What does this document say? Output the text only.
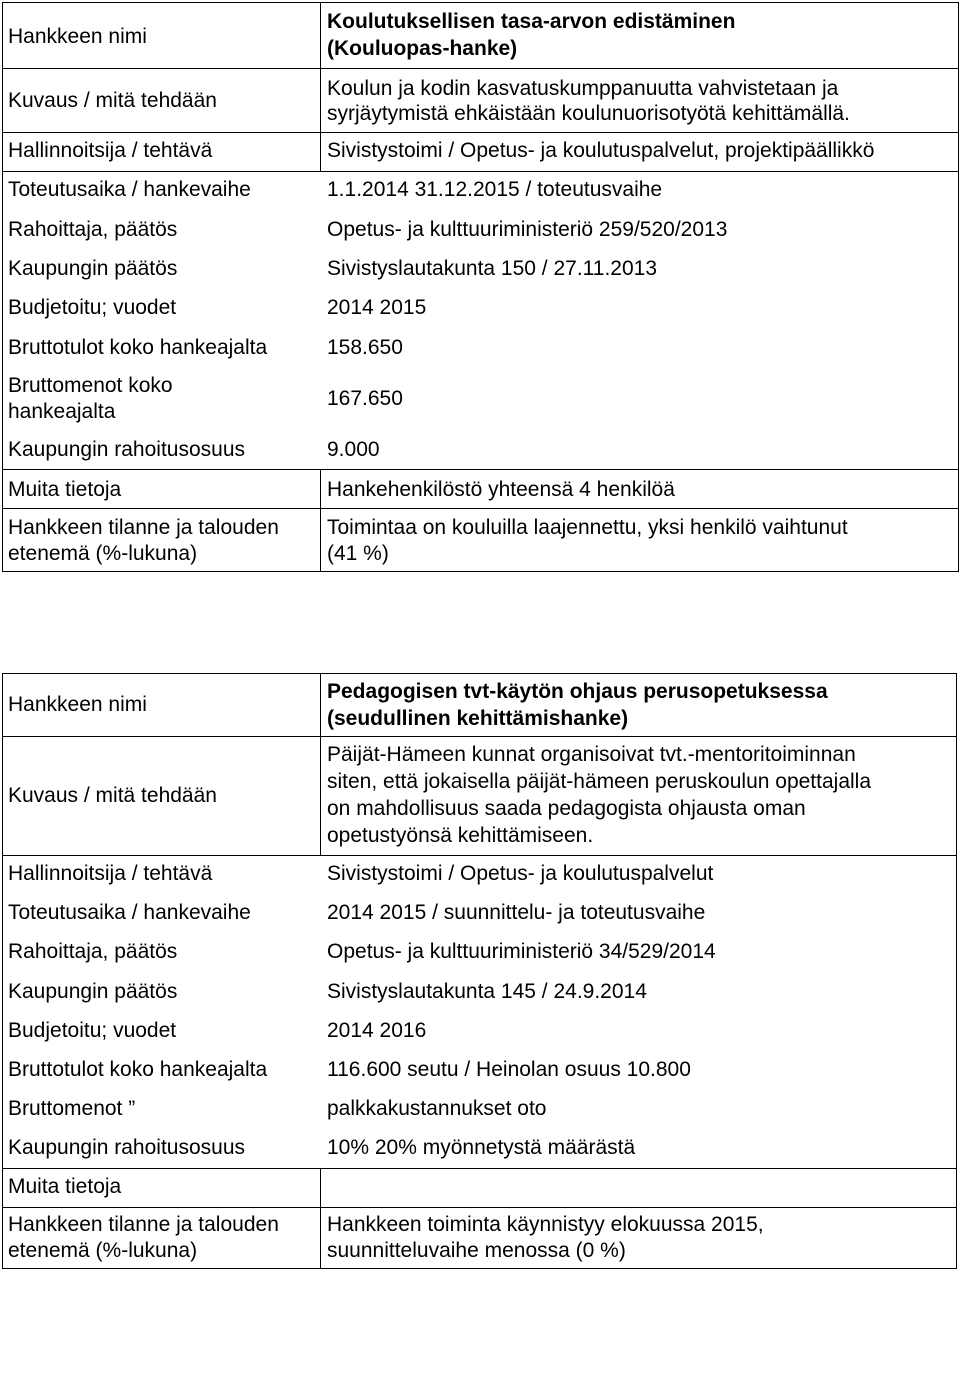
Hankkeen nimi
Kuvaus / mitä tehdään
Hallinnoitsija / tehtävä
Toteutusaika / hankevaihe
Rahoittaja, päätös
Kaupungin päätös
Budjetoitu; vuodet
Bruttotulot koko hankeajalta
Bruttomenot koko
hankeajalta
Kaupungin rahoitusosuus
Muita tietoja
Hankkeen tilanne ja talouden
etenemä (%-lukuna)
Koulutuksellisen tasa-arvon edistäminen
(Kouluopas-hanke)
Koulun ja kodin kasvatuskumppanuutta vahvistetaan ja
syrjäytymistä ehkäistään koulunuorisotyötä kehittämällä.
Sivistystoimi / Opetus- ja koulutuspalvelut, projektipäällikkö
1.1.2014 31.12.2015 / toteutusvaihe
Opetus- ja kulttuuriministeriö 259/520/2013
Sivistyslautakunta 150 / 27.11.2013
2014 2015
158.650
167.650
9.000
Hankehenkilöstö yhteensä 4 henkilöä
Toimintaa on kouluilla laajennettu, yksi henkilö vaihtunut
(41 %)
Hankkeen nimi
Kuvaus / mitä tehdään
Hallinnoitsija / tehtävä
Toteutusaika / hankevaihe
Rahoittaja, päätös
Kaupungin päätös
Budjetoitu; vuodet
Bruttotulot koko hankeajalta
Bruttomenot ”
Kaupungin rahoitusosuus
Muita tietoja
Hankkeen tilanne ja talouden
etenemä (%-lukuna)
Pedagogisen tvt-käytön ohjaus perusopetuksessa
(seudullinen kehittämishanke)
Päijät-Hämeen kunnat organisoivat tvt.-mentoritoiminnan
siten, että jokaisella päijät-hämeen peruskoulun opettajalla
on mahdollisuus saada pedagogista ohjausta oman
opetustyönsä kehittämiseen.
Sivistystoimi / Opetus- ja koulutuspalvelut
2014 2015 / suunnittelu- ja toteutusvaihe
Opetus- ja kulttuuriministeriö 34/529/2014
Sivistyslautakunta 145 / 24.9.2014
2014 2016
116.600 seutu / Heinolan osuus 10.800
palkkakustannukset oto
10% 20% myönnetystä määrästä
Hankkeen toiminta käynnistyy elokuussa 2015,
suunnitteluvaihe menossa (0 %)
